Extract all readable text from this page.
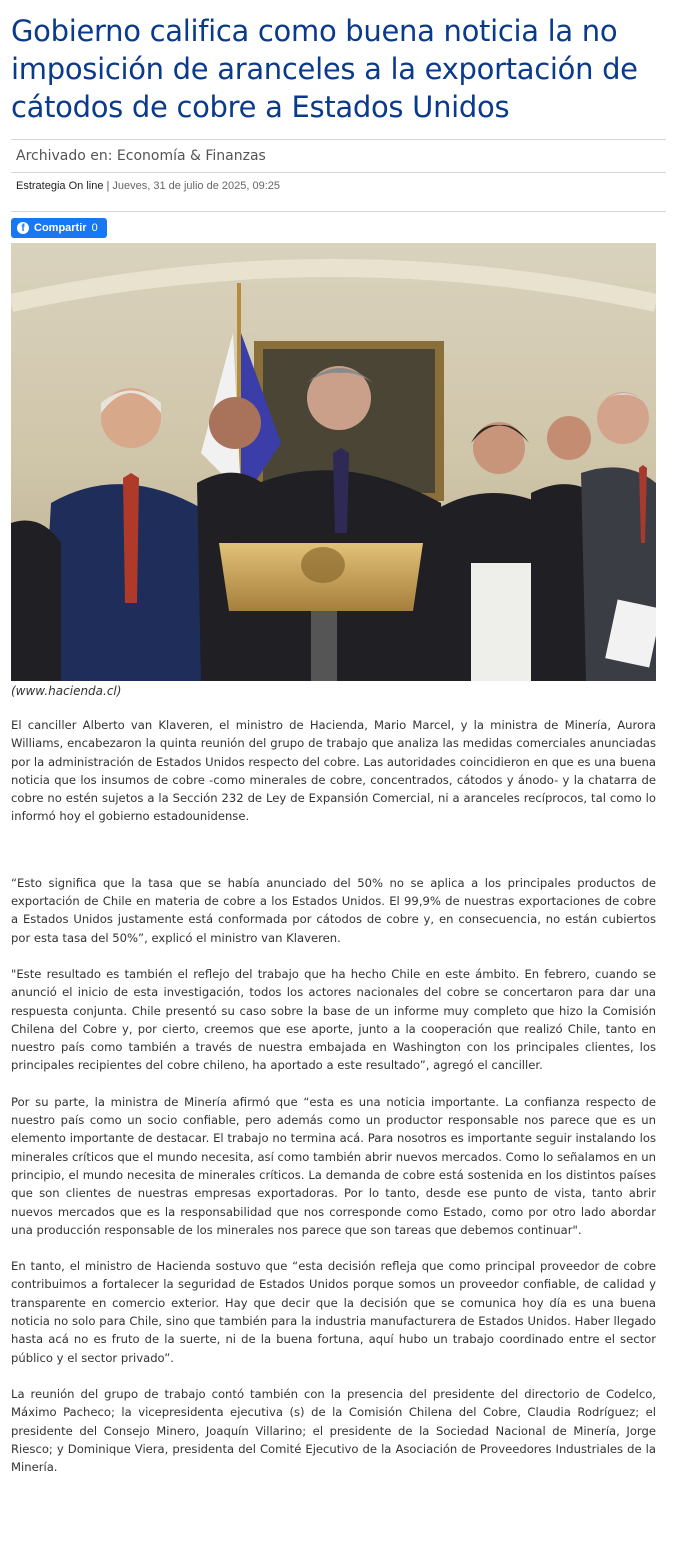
Gobierno califica como buena noticia la no imposición de aranceles a la exportación de cátodos de cobre a Estados Unidos
Archivado en: Economía & Finanzas
Estrategia On line | Jueves, 31 de julio de 2025, 09:25
f Compartir 0
(www.hacienda.cl)

El canciller Alberto van Klaveren, el ministro de Hacienda, Mario Marcel, y la ministra de Minería, Aurora Williams, encabezaron la quinta reunión del grupo de trabajo que analiza las medidas comerciales anunciadas por la administración de Estados Unidos respecto del cobre. Las autoridades coincidieron en que es una buena noticia que los insumos de cobre -como minerales de cobre, concentrados, cátodos y ánodo- y la chatarra de cobre no estén sujetos a la Sección 232 de Ley de Expansión Comercial, ni a aranceles recíprocos, tal como lo informó hoy el gobierno estadounidense.

“Esto significa que la tasa que se había anunciado del 50% no se aplica a los principales productos de exportación de Chile en materia de cobre a los Estados Unidos. El 99,9% de nuestras exportaciones de cobre a Estados Unidos justamente está conformada por cátodos de cobre y, en consecuencia, no están cubiertos por esta tasa del 50%”, explicó el ministro van Klaveren.

"Este resultado es también el reflejo del trabajo que ha hecho Chile en este ámbito. En febrero, cuando se anunció el inicio de esta investigación, todos los actores nacionales del cobre se concertaron para dar una respuesta conjunta. Chile presentó su caso sobre la base de un informe muy completo que hizo la Comisión Chilena del Cobre y, por cierto, creemos que ese aporte, junto a la cooperación que realizó Chile, tanto en nuestro país como también a través de nuestra embajada en Washington con los principales clientes, los principales recipientes del cobre chileno, ha aportado a este resultado”, agregó el canciller.

Por su parte, la ministra de Minería afirmó que “esta es una noticia importante. La confianza respecto de nuestro país como un socio confiable, pero además como un productor responsable nos parece que es un elemento importante de destacar. El trabajo no termina acá. Para nosotros es importante seguir instalando los minerales críticos que el mundo necesita, así como también abrir nuevos mercados. Como lo señalamos en un principio, el mundo necesita de minerales críticos. La demanda de cobre está sostenida en los distintos países que son clientes de nuestras empresas exportadoras. Por lo tanto, desde ese punto de vista, tanto abrir nuevos mercados que es la responsabilidad que nos corresponde como Estado, como por otro lado abordar una producción responsable de los minerales nos parece que son tareas que debemos continuar".

En tanto, el ministro de Hacienda sostuvo que “esta decisión refleja que como principal proveedor de cobre contribuimos a fortalecer la seguridad de Estados Unidos porque somos un proveedor confiable, de calidad y transparente en comercio exterior. Hay que decir que la decisión que se comunica hoy día es una buena noticia no solo para Chile, sino que también para la industria manufacturera de Estados Unidos. Haber llegado hasta acá no es fruto de la suerte, ni de la buena fortuna, aquí hubo un trabajo coordinado entre el sector público y el sector privado”.

La reunión del grupo de trabajo contó también con la presencia del presidente del directorio de Codelco, Máximo Pacheco; la vicepresidenta ejecutiva (s) de la Comisión Chilena del Cobre, Claudia Rodríguez; el presidente del Consejo Minero, Joaquín Villarino; el presidente de la Sociedad Nacional de Minería, Jorge Riesco; y Dominique Viera, presidenta del Comité Ejecutivo de la Asociación de Proveedores Industriales de la Minería.
